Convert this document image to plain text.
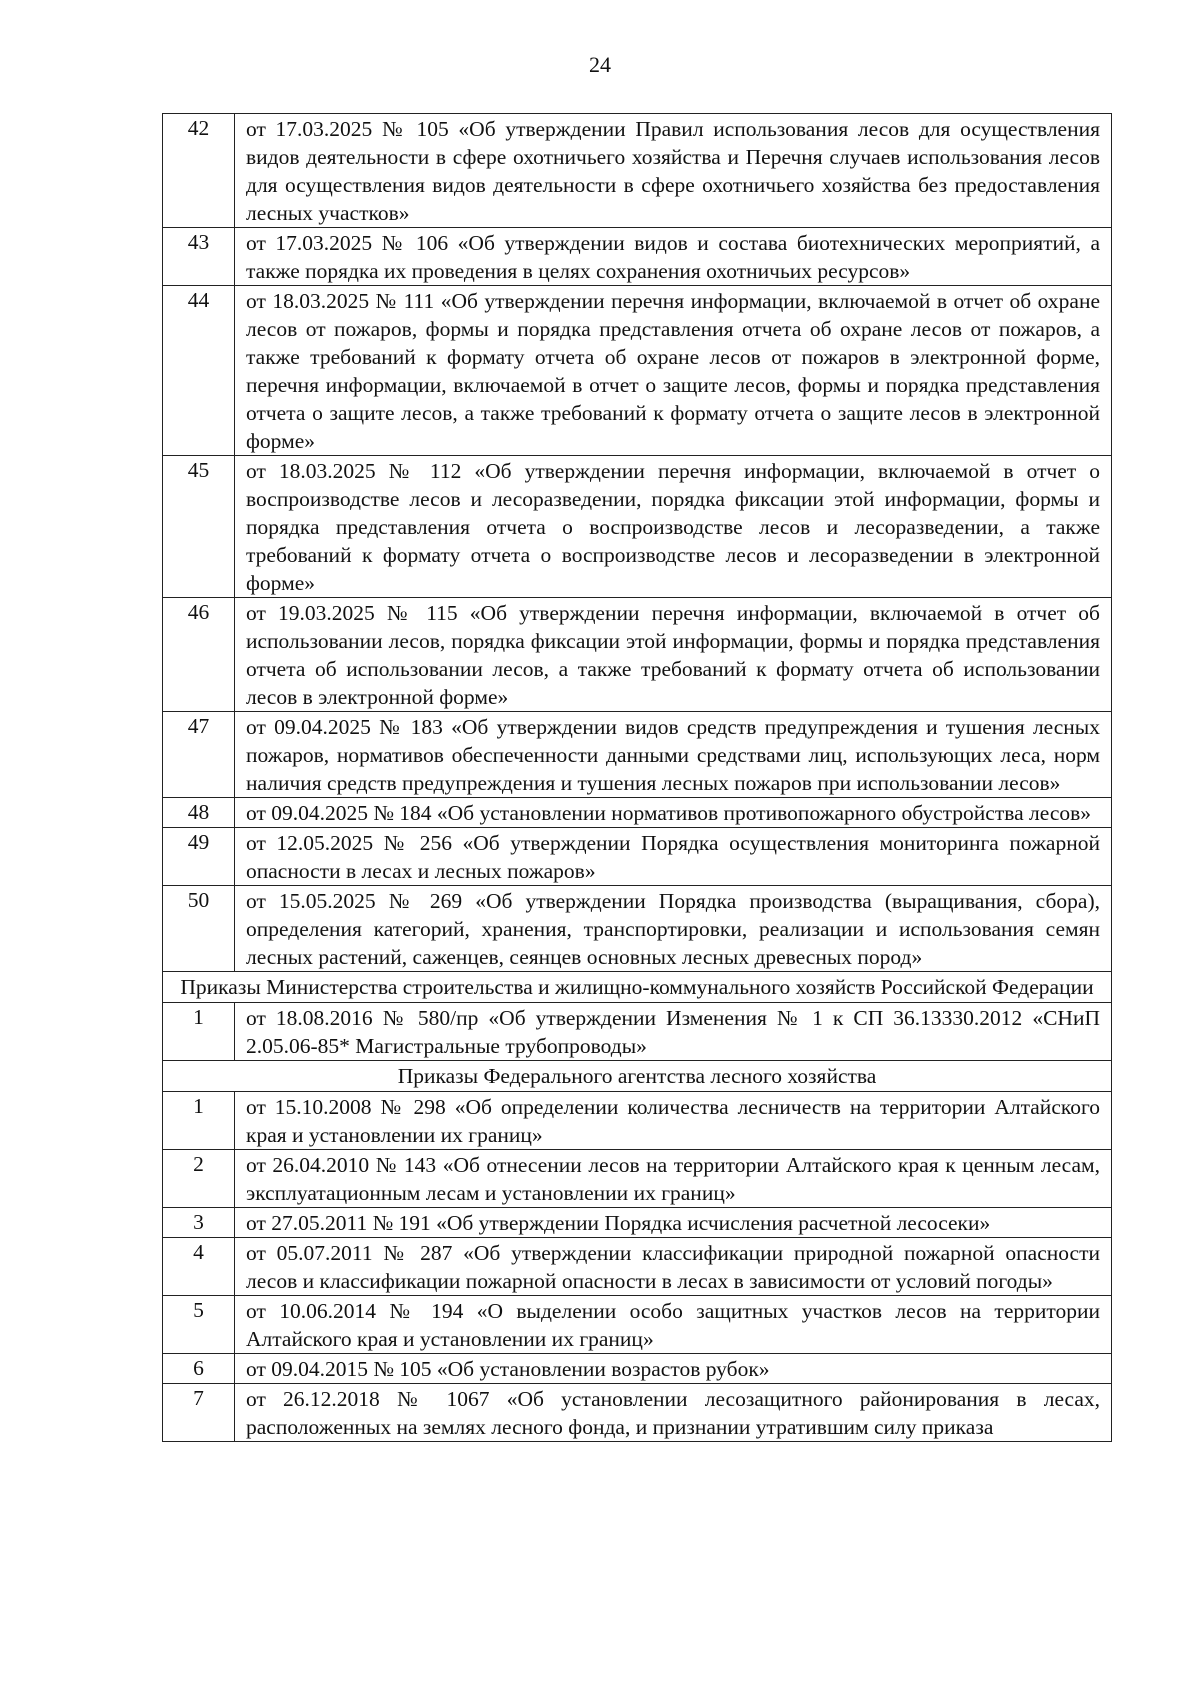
24
42	от 17.03.2025 № 105 «Об утверждении Правил использования лесов для осуществления видов деятельности в сфере охотничьего хозяйства и Перечня случаев использования лесов для осуществления видов деятельности в сфере охотничьего хозяйства без предоставления лесных участков»
43	от 17.03.2025 № 106 «Об утверждении видов и состава биотехнических мероприятий, а также порядка их проведения в целях сохранения охотничьих ресурсов»
44	от 18.03.2025 № 111 «Об утверждении перечня информации, включаемой в отчет об охране лесов от пожаров, формы и порядка представления отчета об охране лесов от пожаров, а также требований к формату отчета об охране лесов от пожаров в электронной форме, перечня информации, включаемой в отчет о защите лесов, формы и порядка представления отчета о защите лесов, а также требований к формату отчета о защите лесов в электронной форме»
45	от 18.03.2025 № 112 «Об утверждении перечня информации, включаемой в отчет о воспроизводстве лесов и лесоразведении, порядка фиксации этой информации, формы и порядка представления отчета о воспроизводстве лесов и лесоразведении, а также требований к формату отчета о воспроизводстве лесов и лесоразведении в электронной форме»
46	от 19.03.2025 № 115 «Об утверждении перечня информации, включаемой в отчет об использовании лесов, порядка фиксации этой информации, формы и порядка представления отчета об использовании лесов, а также требований к формату отчета об использовании лесов в электронной форме»
47	от 09.04.2025 № 183 «Об утверждении видов средств предупреждения и тушения лесных пожаров, нормативов обеспеченности данными средствами лиц, использующих леса, норм наличия средств предупреждения и тушения лесных пожаров при использовании лесов»
48	от 09.04.2025 № 184 «Об установлении нормативов противопожарного обустройства лесов»
49	от 12.05.2025 № 256 «Об утверждении Порядка осуществления мониторинга пожарной опасности в лесах и лесных пожаров»
50	от 15.05.2025 № 269 «Об утверждении Порядка производства (выращивания, сбора), определения категорий, хранения, транспортировки, реализации и использования семян лесных растений, саженцев, сеянцев основных лесных древесных пород»
Приказы Министерства строительства и жилищно-коммунального хозяйств Российской Федерации	
1	от 18.08.2016 № 580/пр «Об утверждении Изменения № 1 к СП 36.13330.2012 «СНиП 2.05.06-85* Магистральные трубопроводы»
Приказы Федерального агентства лесного хозяйства	
1	от 15.10.2008 № 298 «Об определении количества лесничеств на территории Алтайского края и установлении их границ»
2	от 26.04.2010 № 143 «Об отнесении лесов на территории Алтайского края к ценным лесам, эксплуатационным лесам и установлении их границ»
3	от 27.05.2011 № 191 «Об утверждении Порядка исчисления расчетной лесосеки»
4	от 05.07.2011 № 287 «Об утверждении классификации природной пожарной опасности лесов и классификации пожарной опасности в лесах в зависимости от условий погоды»
5	от 10.06.2014 № 194 «О выделении особо защитных участков лесов на территории Алтайского края и установлении их границ»
6	от 09.04.2015 № 105 «Об установлении возрастов рубок»
7	от 26.12.2018 № 1067 «Об установлении лесозащитного районирования в лесах, расположенных на землях лесного фонда, и признании утратившим силу приказа
